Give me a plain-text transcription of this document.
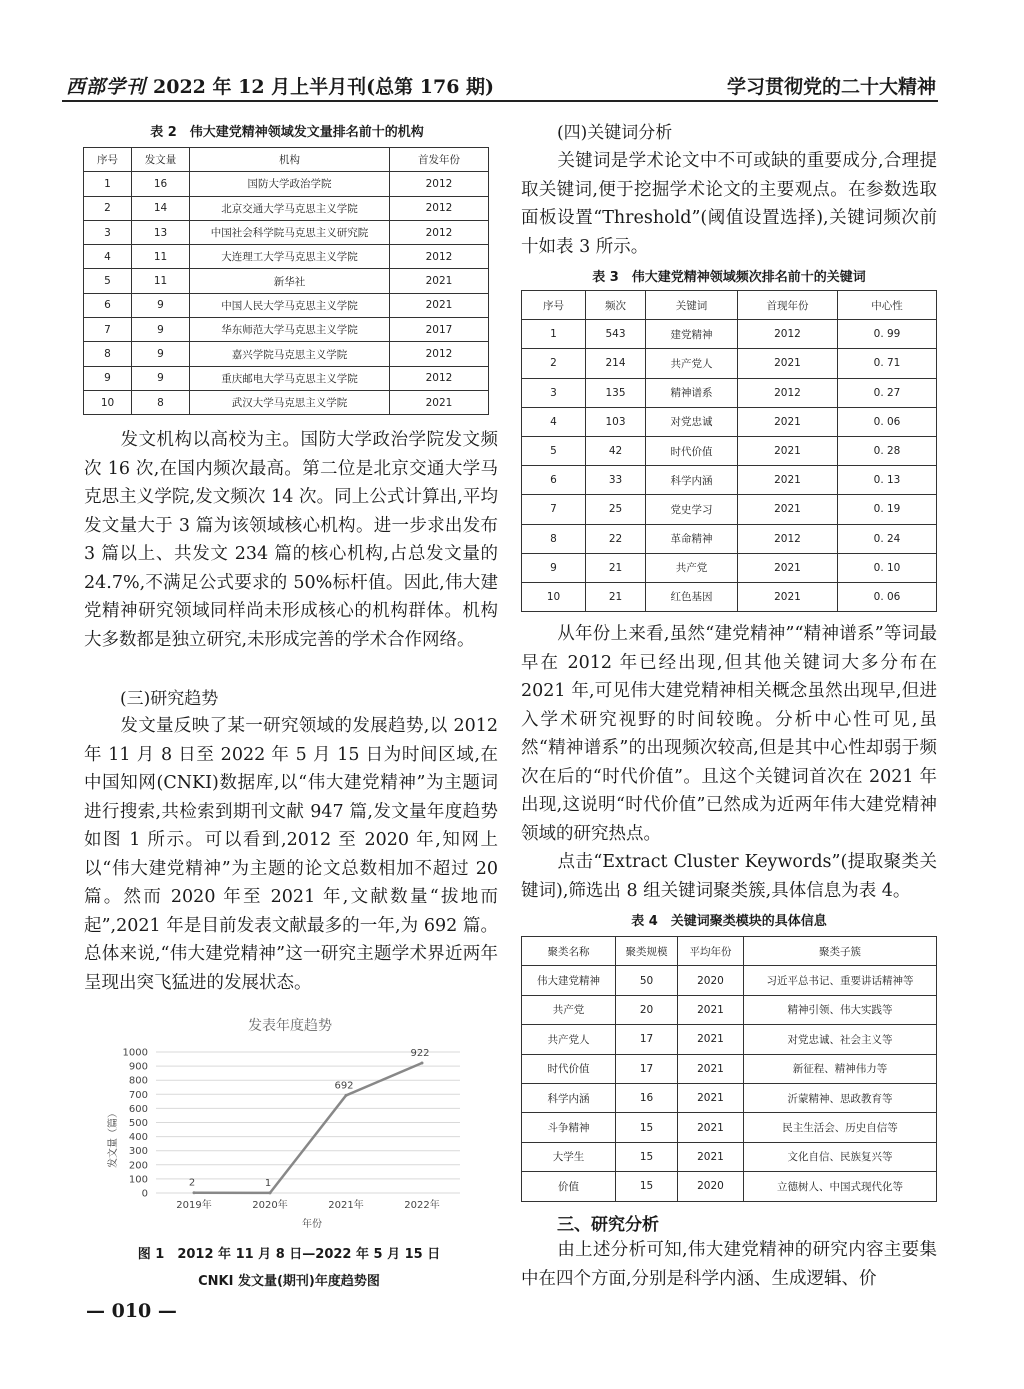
西部学刊 2022 年 12 月上半月刊(总第 176 期)	学习贯彻党的二十大精神
表 2　伟大建党精神领域发文量排名前十的机构
序号	发文量	机构	首发年份
1	16	国防大学政治学院	2012
2	14	北京交通大学马克思主义学院	2012
3	13	中国社会科学院马克思主义研究院	2012
4	11	大连理工大学马克思主义学院	2012
5	11	新华社	2021
6	9	中国人民大学马克思主义学院	2021
7	9	华东师范大学马克思主义学院	2017
8	9	嘉兴学院马克思主义学院	2012
9	9	重庆邮电大学马克思主义学院	2012
10	8	武汉大学马克思主义学院	2021

发文机构以高校为主。国防大学政治学院发文频次 16 次,在国内频次最高。第二位是北京交通大学马克思主义学院,发文频次 14 次。同上公式计算出,平均发文量大于 3 篇为该领域核心机构。进一步求出发布 3 篇以上、共发文 234 篇的核心机构,占总发文量的 24.7%,不满足公式要求的 50%标杆值。因此,伟大建党精神研究领域同样尚未形成核心的机构群体。机构大多数都是独立研究,未形成完善的学术合作网络。

(三)研究趋势

发文量反映了某一研究领域的发展趋势,以 2012 年 11 月 8 日至 2022 年 5 月 15 日为时间区域,在中国知网(CNKI)数据库,以“伟大建党精神”为主题词进行搜索,共检索到期刊文献 947 篇,发文量年度趋势如图 1 所示。可以看到,2012 至 2020 年,知网上以“伟大建党精神”为主题的论文总数相加不超过 20 篇。然而 2020 年至 2021 年,文献数量“拔地而起”,2021 年是目前发表文献最多的一年,为 692 篇。总体来说,“伟大建党精神”这一研究主题学术界近两年呈现出突飞猛进的发展状态。

发表年度趋势
发文量（篇）
年份
0
100
200
300
400
500
600
700
800
900
1000
2019年	2020年	2021年	2022年
2	1
692
922
图 1　2012 年 11 月 8 日—2022 年 5 月 15 日
CNKI 发文量(期刊)年度趋势图
(四)关键词分析

关键词是学术论文中不可或缺的重要成分,合理提取关键词,便于挖掘学术论文的主要观点。在参数选取面板设置“Threshold”(阈值设置选择),关键词频次前十如表 3 所示。

表 3　伟大建党精神领域频次排名前十的关键词
序号	频次	关键词	首现年份	中心性
1	543	建党精神	2012	0. 99
2	214	共产党人	2021	0. 71
3	135	精神谱系	2012	0. 27
4	103	对党忠诚	2021	0. 06
5	42	时代价值	2021	0. 28
6	33	科学内涵	2021	0. 13
7	25	党史学习	2021	0. 19
8	22	革命精神	2012	0. 24
9	21	共产党	2021	0. 10
10	21	红色基因	2021	0. 06

从年份上来看,虽然“建党精神”“精神谱系”等词最早在 2012 年已经出现,但其他关键词大多分布在 2021 年,可见伟大建党精神相关概念虽然出现早,但进入学术研究视野的时间较晚。分析中心性可见,虽然“精神谱系”的出现频次较高,但是其中心性却弱于频次在后的“时代价值”。且这个关键词首次在 2021 年出现,这说明“时代价值”已然成为近两年伟大建党精神领域的研究热点。

点击“Extract Cluster Keywords”(提取聚类关键词),筛选出 8 组关键词聚类簇,具体信息为表 4。

表 4　关键词聚类模块的具体信息
聚类名称	聚类规模	平均年份	聚类子簇
伟大建党精神	50	2020	习近平总书记、重要讲话精神等
共产党	20	2021	精神引领、伟大实践等
共产党人	17	2021	对党忠诚、社会主义等
时代价值	17	2021	新征程、精神伟力等
科学内涵	16	2021	沂蒙精神、思政教育等
斗争精神	15	2021	民主生活会、历史自信等
大学生	15	2021	文化自信、民族复兴等
价值	15	2020	立德树人、中国式现代化等
三、研究分析

由上述分析可知,伟大建党精神的研究内容主要集中在四个方面,分别是科学内涵、生成逻辑、价

— 010 —
